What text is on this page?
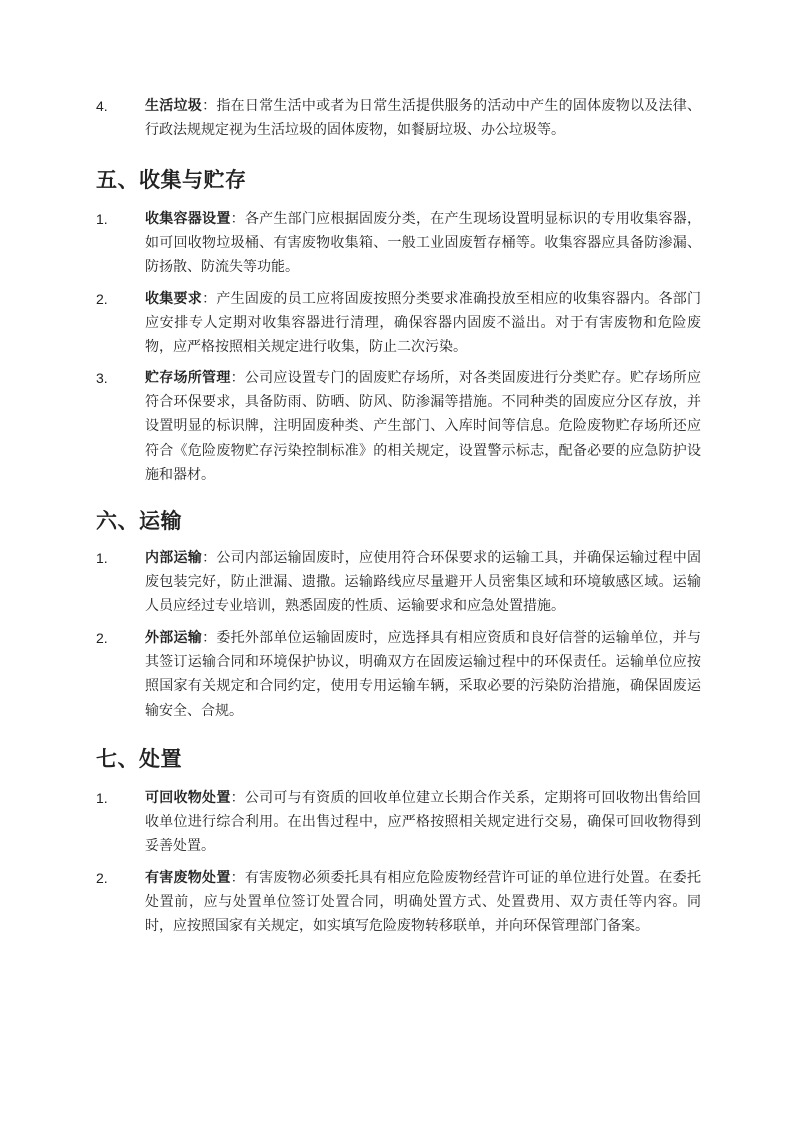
4.	生活垃圾：指在日常生活中或者为日常生活提供服务的活动中产生的固体废物以及法律、行政法规规定视为生活垃圾的固体废物，如餐厨垃圾、办公垃圾等。
五、收集与贮存
1.	收集容器设置：各产生部门应根据固废分类，在产生现场设置明显标识的专用收集容器，如可回收物垃圾桶、有害废物收集箱、一般工业固废暂存桶等。收集容器应具备防渗漏、防扬散、防流失等功能。
2.	收集要求：产生固废的员工应将固废按照分类要求准确投放至相应的收集容器内。各部门应安排专人定期对收集容器进行清理，确保容器内固废不溢出。对于有害废物和危险废物，应严格按照相关规定进行收集，防止二次污染。
3.	贮存场所管理：公司应设置专门的固废贮存场所，对各类固废进行分类贮存。贮存场所应符合环保要求，具备防雨、防晒、防风、防渗漏等措施。不同种类的固废应分区存放，并设置明显的标识牌，注明固废种类、产生部门、入库时间等信息。危险废物贮存场所还应符合《危险废物贮存污染控制标准》的相关规定，设置警示标志，配备必要的应急防护设施和器材。
六、运输
1.	内部运输：公司内部运输固废时，应使用符合环保要求的运输工具，并确保运输过程中固废包装完好，防止泄漏、遗撒。运输路线应尽量避开人员密集区域和环境敏感区域。运输人员应经过专业培训，熟悉固废的性质、运输要求和应急处置措施。
2.	外部运输：委托外部单位运输固废时，应选择具有相应资质和良好信誉的运输单位，并与其签订运输合同和环境保护协议，明确双方在固废运输过程中的环保责任。运输单位应按照国家有关规定和合同约定，使用专用运输车辆，采取必要的污染防治措施，确保固废运输安全、合规。
七、处置
1.	可回收物处置：公司可与有资质的回收单位建立长期合作关系，定期将可回收物出售给回收单位进行综合利用。在出售过程中，应严格按照相关规定进行交易，确保可回收物得到妥善处置。
2.	有害废物处置：有害废物必须委托具有相应危险废物经营许可证的单位进行处置。在委托处置前，应与处置单位签订处置合同，明确处置方式、处置费用、双方责任等内容。同时，应按照国家有关规定，如实填写危险废物转移联单，并向环保管理部门备案。
